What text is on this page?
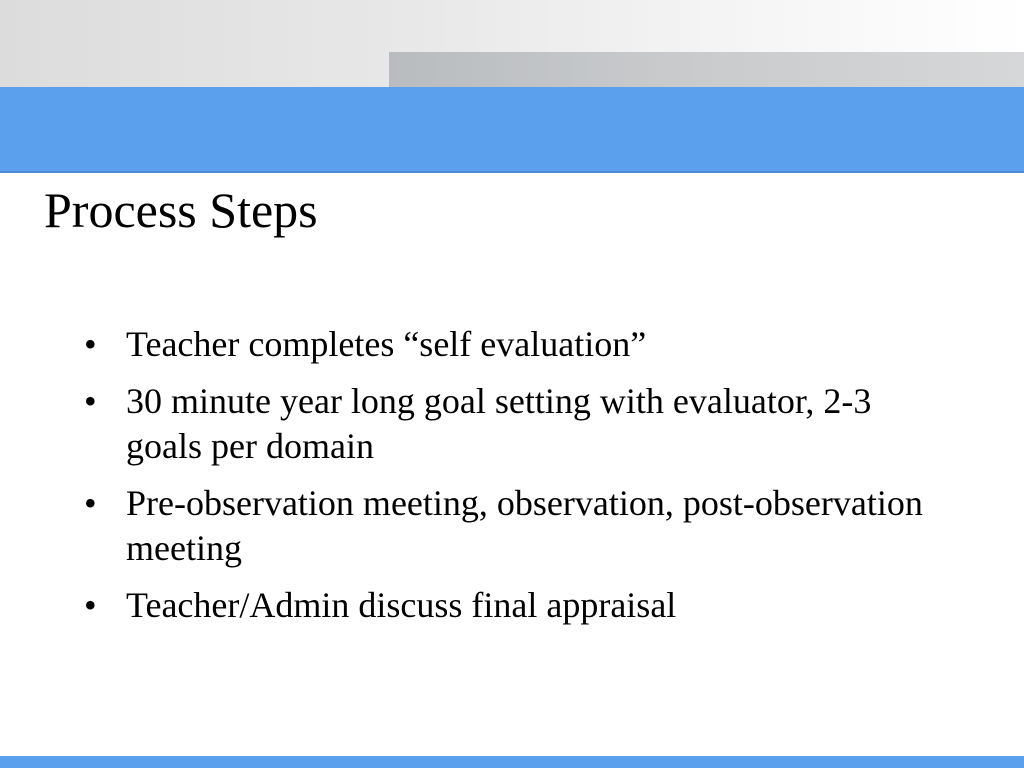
Process Steps
• Teacher completes “self evaluation”
• 30 minute year long goal setting with evaluator, 2-3 goals per domain
• Pre-observation meeting, observation, post-observation meeting
• Teacher/Admin discuss final appraisal
